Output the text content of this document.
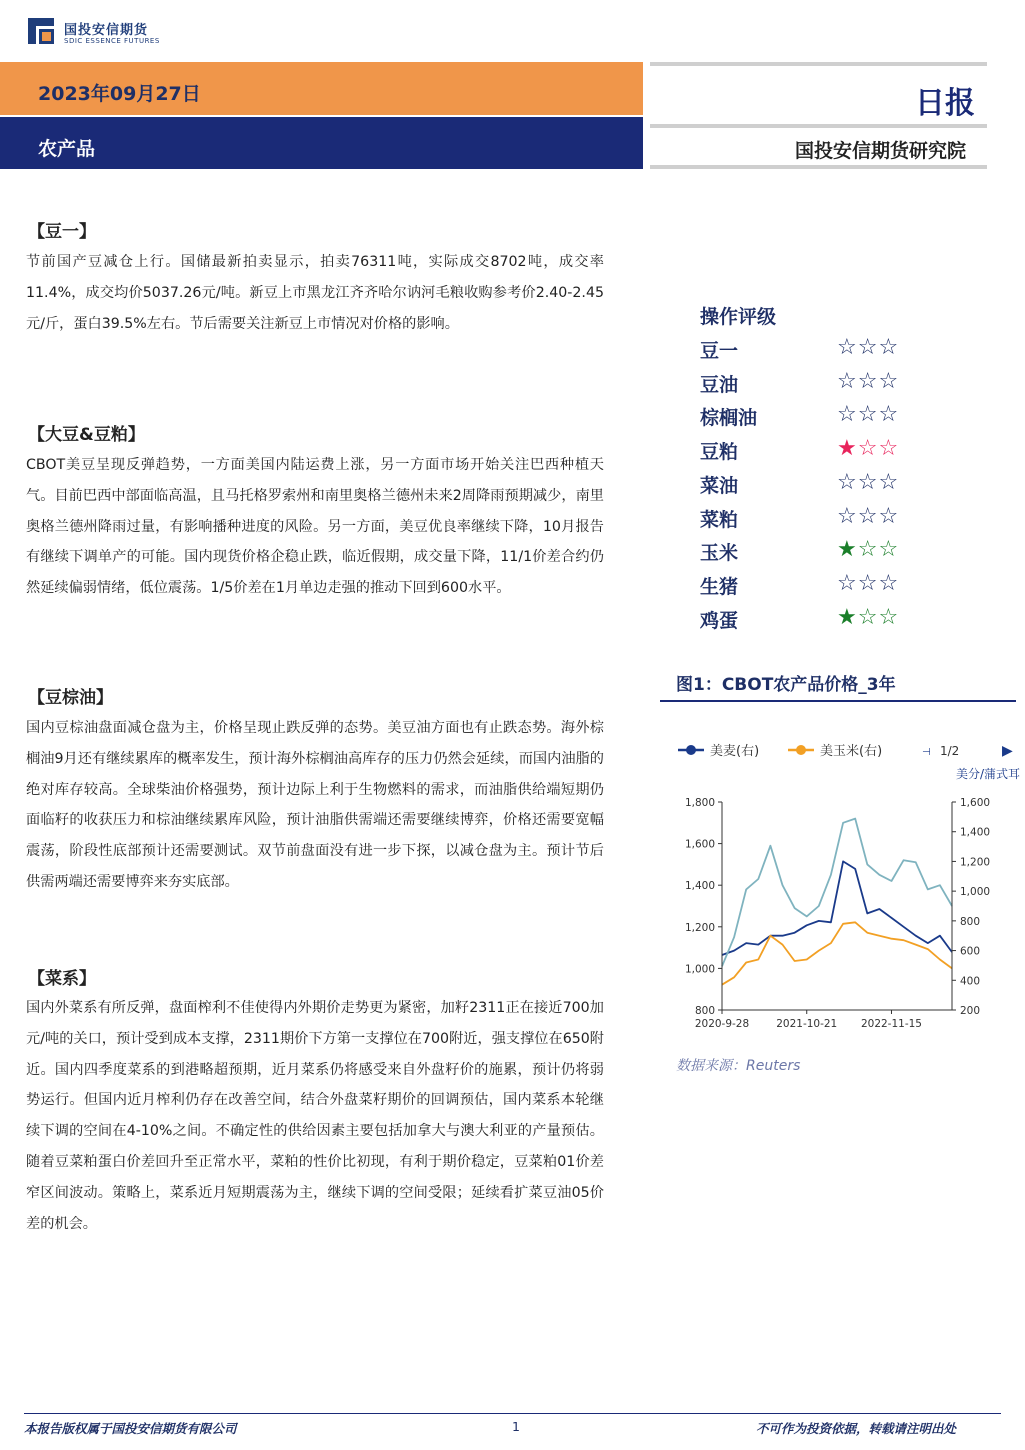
国投安信期货
SDIC ESSENCE FUTURES
2023年09月27日
农产品
日报
国投安信期货研究院
【豆一】

节前国产豆减仓上行。国储最新拍卖显示，拍卖76311吨，实际成交8702吨，成交率11.4%，成交均价5037.26元/吨。新豆上市黑龙江齐齐哈尔讷河毛粮收购参考价2.40-2.45元/斤，蛋白39.5%左右。节后需要关注新豆上市情况对价格的影响。

【大豆&豆粕】

CBOT美豆呈现反弹趋势，一方面美国内陆运费上涨，另一方面市场开始关注巴西种植天气。目前巴西中部面临高温，且马托格罗索州和南里奥格兰德州未来2周降雨预期减少，南里奥格兰德州降雨过量，有影响播种进度的风险。另一方面，美豆优良率继续下降，10月报告有继续下调单产的可能。国内现货价格企稳止跌，临近假期，成交量下降，11/1价差合约仍然延续偏弱情绪，低位震荡。1/5价差在1月单边走强的推动下回到600水平。

【豆棕油】

国内豆棕油盘面减仓盘为主，价格呈现止跌反弹的态势。美豆油方面也有止跌态势。海外棕榈油9月还有继续累库的概率发生，预计海外棕榈油高库存的压力仍然会延续，而国内油脂的绝对库存较高。全球柴油价格强势，预计边际上利于生物燃料的需求，而油脂供给端短期仍面临籽的收获压力和棕油继续累库风险，预计油脂供需端还需要继续博弈，价格还需要宽幅震荡，阶段性底部预计还需要测试。双节前盘面没有进一步下探，以减仓盘为主。预计节后供需两端还需要博弈来夯实底部。

【菜系】

国内外菜系有所反弹，盘面榨利不佳使得内外期价走势更为紧密，加籽2311正在接近700加元/吨的关口，预计受到成本支撑，2311期价下方第一支撑位在700附近，强支撑位在650附近。国内四季度菜系的到港略超预期，近月菜系仍将感受来自外盘籽价的施累，预计仍将弱势运行。但国内近月榨利仍存在改善空间，结合外盘菜籽期价的回调预估，国内菜系本轮继续下调的空间在4-10%之间。不确定性的供给因素主要包括加拿大与澳大利亚的产量预估。随着豆菜粕蛋白价差回升至正常水平，菜粕的性价比初现，有利于期价稳定，豆菜粕01价差窄区间波动。策略上，菜系近月短期震荡为主，继续下调的空间受限；延续看扩菜豆油05价差的机会。

操作评级
豆一	☆☆☆
豆油	☆☆☆
棕榈油	☆☆☆
豆粕	★☆☆
菜油	☆☆☆
菜粕	☆☆☆
玉米	★☆☆
生猪	☆☆☆
鸡蛋	★☆☆
图1：CBOT农产品价格_3年
美麦(右)	美玉米(右)	⊣ 1/2	▶
美分/蒲式耳
800
1,000
1,200
1,400
1,600
1,800
200
400
600
800
1,000
1,200
1,400
1,600
2020-9-28	2021-10-21 2022-11-15
数据来源：Reuters
本报告版权属于国投安信期货有限公司	1	不可作为投资依据，转载请注明出处
